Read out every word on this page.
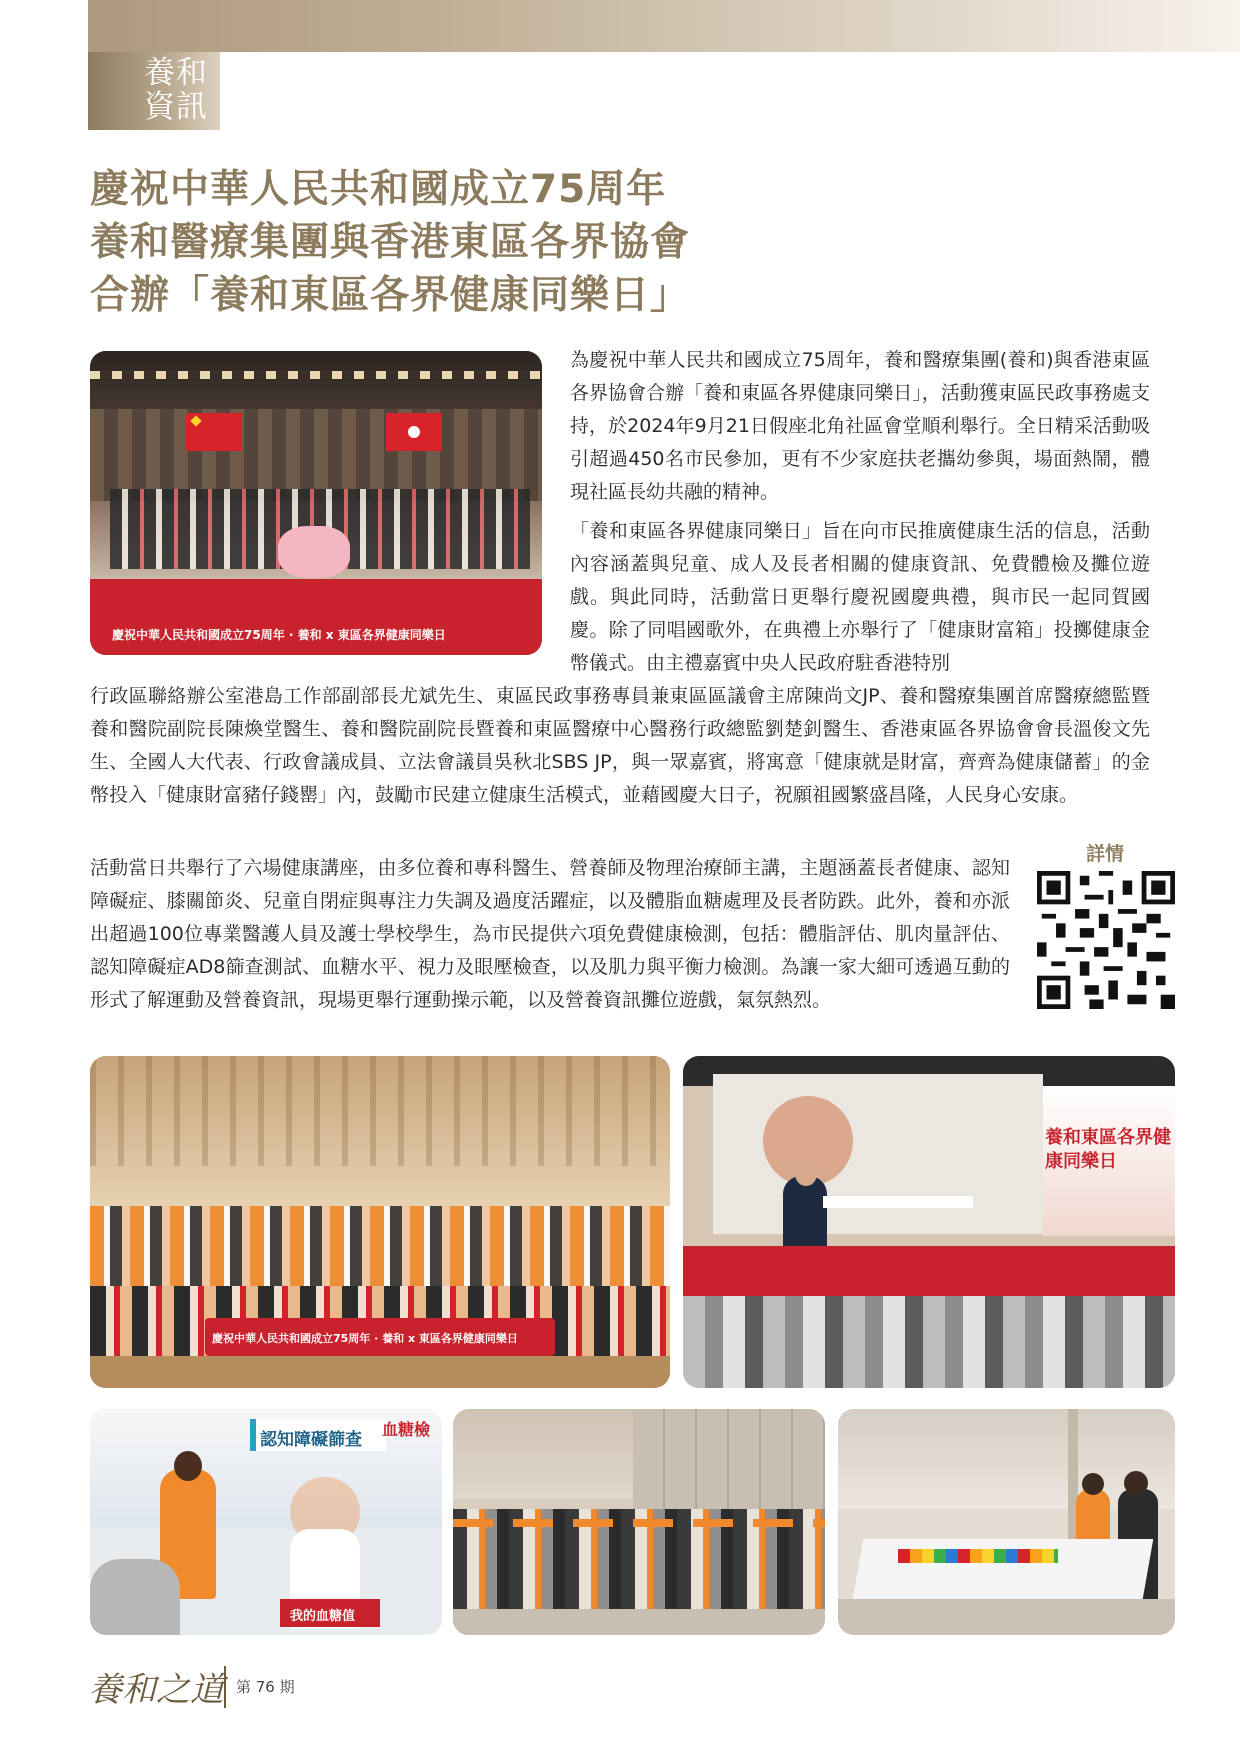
養和資訊
慶祝中華人民共和國成立75周年
養和醫療集團與香港東區各界協會
合辦「養和東區各界健康同樂日」
慶祝中華人民共和國成立75周年 · 養和 x 東區各界健康同樂日
為慶祝中華人民共和國成立75周年，養和醫療集團(養和)與香港東區各界協會合辦「養和東區各界健康同樂日」，活動獲東區民政事務處支持，於2024年9月21日假座北角社區會堂順利舉行。全日精采活動吸引超過450名市民參加，更有不少家庭扶老攜幼參與，場面熱鬧，體現社區長幼共融的精神。
「養和東區各界健康同樂日」旨在向市民推廣健康生活的信息，活動內容涵蓋與兒童、成人及長者相關的健康資訊、免費體檢及攤位遊戲。與此同時，活動當日更舉行慶祝國慶典禮，與市民一起同賀國慶。除了同唱國歌外，在典禮上亦舉行了「健康財富箱」投擲健康金幣儀式。由主禮嘉賓中央人民政府駐香港特別
行政區聯絡辦公室港島工作部副部長尤斌先生、東區民政事務專員兼東區區議會主席陳尚文JP、養和醫療集團首席醫療總監暨養和醫院副院長陳煥堂醫生、養和醫院副院長暨養和東區醫療中心醫務行政總監劉楚釗醫生、香港東區各界協會會長溫俊文先生、全國人大代表、行政會議成員、立法會議員吳秋北SBS JP，與一眾嘉賓，將寓意「健康就是財富，齊齊為健康儲蓄」的金幣投入「健康財富豬仔錢罌」內，鼓勵市民建立健康生活模式，並藉國慶大日子，祝願祖國繁盛昌隆，人民身心安康。
活動當日共舉行了六場健康講座，由多位養和專科醫生、營養師及物理治療師主講，主題涵蓋長者健康、認知障礙症、膝關節炎、兒童自閉症與專注力失調及過度活躍症，以及體脂血糖處理及長者防跌。此外，養和亦派出超過100位專業醫護人員及護士學校學生，為市民提供六項免費健康檢測，包括：體脂評估、肌肉量評估、認知障礙症AD8篩查測試、血糖水平、視力及眼壓檢查，以及肌力與平衡力檢測。為讓一家大細可透過互動的形式了解運動及營養資訊，現場更舉行運動操示範，以及營養資訊攤位遊戲，氣氛熱烈。
詳情
慶祝中華人民共和國成立75周年 · 養和 x 東區各界健康同樂日
養和東區各界健康同樂日
認知障礙篩查
血糖檢
我的血糖值
養和之道 第 76 期
